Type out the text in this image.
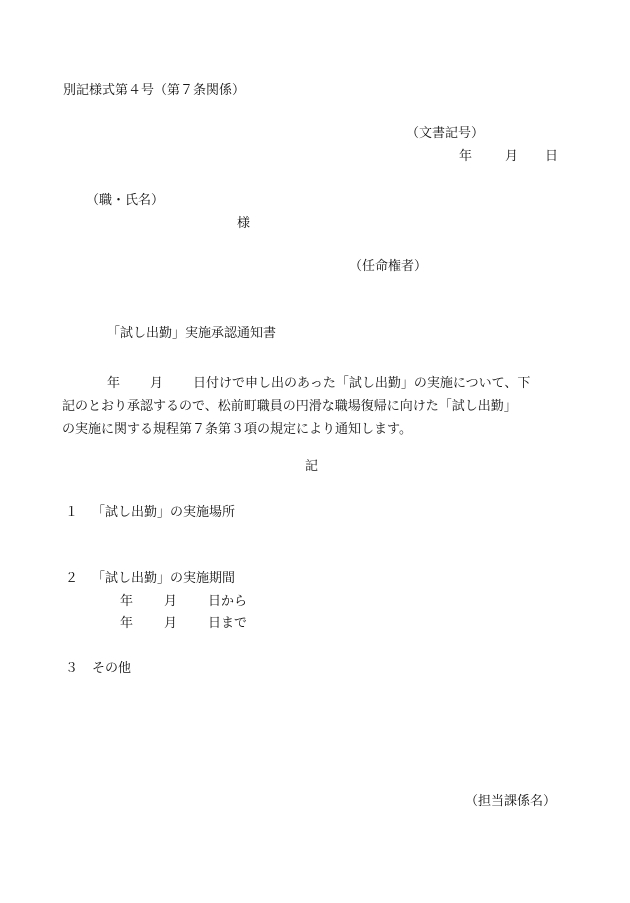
別記様式第４号（第７条関係）
（文書記号）
年	月 日
（職・氏名）
様
（任命権者）
「試し出勤」実施承認通知書
年 月 日付けで申し出のあった「試し出勤」の実施について、下
記のとおり承認するので、松前町職員の円滑な職場復帰に向けた「試し出勤」
の実施に関する規程第７条第３項の規定により通知します。
記
１ 「試し出勤」の実施場所
２ 「試し出勤」の実施期間
年 月 日から
年 月 日まで
３ その他
（担当課係名）
